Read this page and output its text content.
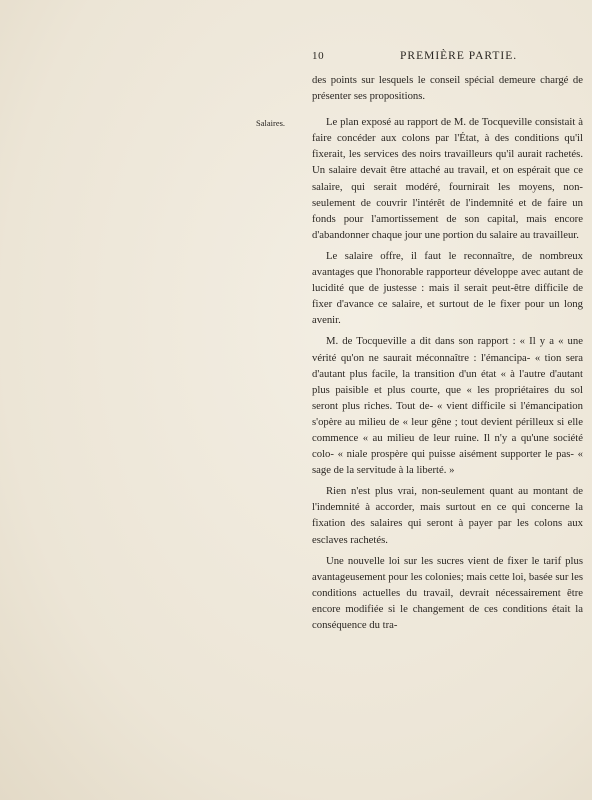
10	PREMIÈRE PARTIE.
Salaires.

des points sur lesquels le conseil spécial demeure chargé de présenter ses propositions.

Le plan exposé au rapport de M. de Tocqueville consistait à faire concéder aux colons par l'État, à des conditions qu'il fixerait, les services des noirs travailleurs qu'il aurait rachetés. Un salaire devait être attaché au travail, et on espérait que ce salaire, qui serait modéré, fournirait les moyens, non-seulement de couvrir l'intérêt de l'indemnité et de faire un fonds pour l'amortissement de son capital, mais encore d'abandonner chaque jour une portion du salaire au travailleur.

Le salaire offre, il faut le reconnaître, de nombreux avantages que l'honorable rapporteur développe avec autant de lucidité que de justesse : mais il serait peut-être difficile de fixer d'avance ce salaire, et surtout de le fixer pour un long avenir.

M. de Tocqueville a dit dans son rapport : « Il y a « une vérité qu'on ne saurait méconnaître : l'émancipa- « tion sera d'autant plus facile, la transition d'un état « à l'autre d'autant plus paisible et plus courte, que « les propriétaires du sol seront plus riches. Tout de- « vient difficile si l'émancipation s'opère au milieu de « leur gêne ; tout devient périlleux si elle commence « au milieu de leur ruine. Il n'y a qu'une société colo- « niale prospère qui puisse aisément supporter le pas- « sage de la servitude à la liberté. »

Rien n'est plus vrai, non-seulement quant au montant de l'indemnité à accorder, mais surtout en ce qui concerne la fixation des salaires qui seront à payer par les colons aux esclaves rachetés.

Une nouvelle loi sur les sucres vient de fixer le tarif plus avantageusement pour les colonies; mais cette loi, basée sur les conditions actuelles du travail, devrait nécessairement être encore modifiée si le changement de ces conditions était la conséquence du tra-
